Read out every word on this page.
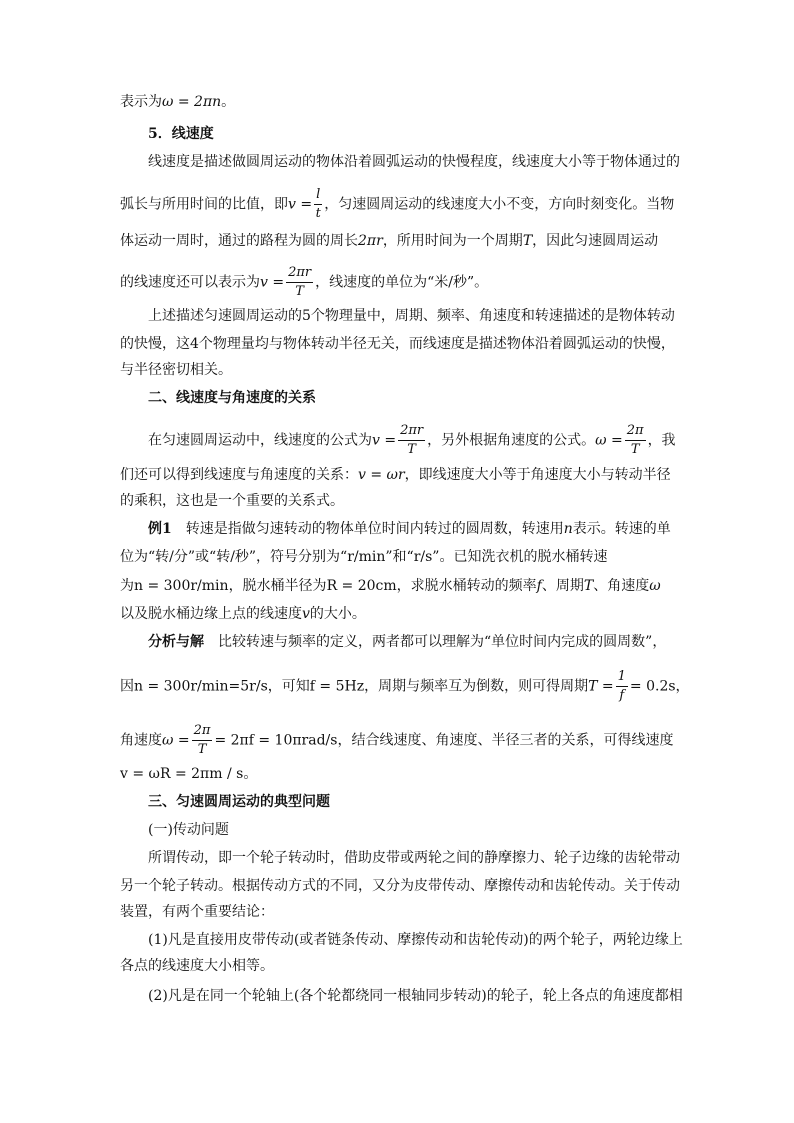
表示为ω = 2πn。
5．线速度
线速度是描述做圆周运动的物体沿着圆弧运动的快慢程度，线速度大小等于物体通过的
弧长与所用时间的比值，即$v = \frac{l}{t}$ ，匀速圆周运动的线速度大小不变，方向时刻变化。当物
体运动一周时，通过的路程为圆的周长2πr，所用时间为一个周期T，因此匀速圆周运动
的线速度还可以表示为$v = \frac{2\pi r}{T}$ ，线速度的单位为“米/秒”。
上述描述匀速圆周运动的5个物理量中，周期、频率、角速度和转速描述的是物体转动
的快慢，这4个物理量均与物体转动半径无关，而线速度是描述物体沿着圆弧运动的快慢，
与半径密切相关。
二、线速度与角速度的关系
在匀速圆周运动中，线速度的公式为$v = \frac{2\pi r}{T}$ ，另外根据角速度的公式。$\omega = \frac{2\pi}{T}$ ，我
们还可以得到线速度与角速度的关系：v = ωr，即线速度大小等于角速度大小与转动半径
的乘积，这也是一个重要的关系式。
例1　转速是指做匀速转动的物体单位时间内转过的圆周数，转速用n表示。转速的单
位为“转/分”或“转/秒”，符号分别为“r/min”和“r/s”。已知洗衣机的脱水桶转速
为n = 300r/min，脱水桶半径为R = 20cm，求脱水桶转动的频率f、周期T、角速度ω
以及脱水桶边缘上点的线速度v的大小。
分析与解　比较转速与频率的定义，两者都可以理解为“单位时间内完成的圆周数”，
因n = 300r/min=5r/s，可知f = 5Hz，周期与频率互为倒数，则可得周期$T = \frac{1}{f} = 0.2s$，
角速度$\omega = \frac{2\pi}{T} = 2\pi f = 10\pi rad/s$，结合线速度、角速度、半径三者的关系，可得线速度
v = ωR = 2πm / s。
三、匀速圆周运动的典型问题
(一)传动问题
所谓传动，即一个轮子转动时，借助皮带或两轮之间的静摩擦力、轮子边缘的齿轮带动
另一个轮子转动。根据传动方式的不同，又分为皮带传动、摩擦传动和齿轮传动。关于传动
装置，有两个重要结论：
(1)凡是直接用皮带传动(或者链条传动、摩擦传动和齿轮传动)的两个轮子，两轮边缘上
各点的线速度大小相等。
(2)凡是在同一个轮轴上(各个轮都绕同一根轴同步转动)的轮子，轮上各点的角速度都相
